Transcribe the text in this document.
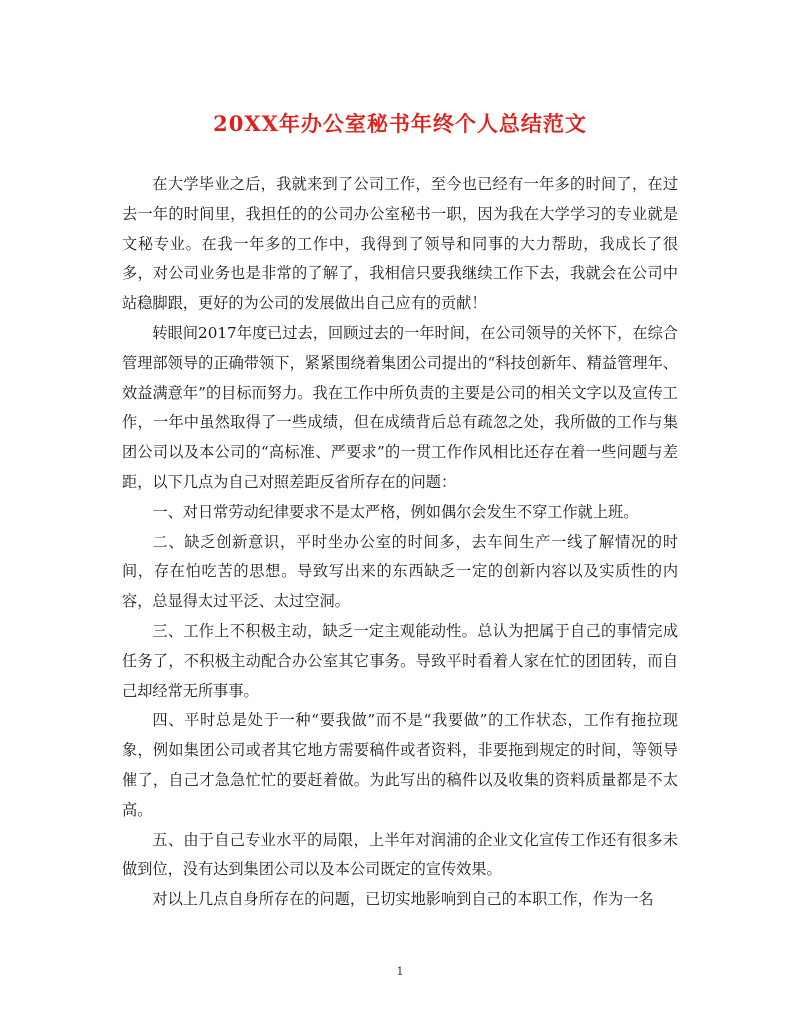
20XX年办公室秘书年终个人总结范文

在大学毕业之后，我就来到了公司工作，至今也已经有一年多的时间了，在过去一年的时间里，我担任的的公司办公室秘书一职，因为我在大学学习的专业就是文秘专业。在我一年多的工作中，我得到了领导和同事的大力帮助，我成长了很多，对公司业务也是非常的了解了，我相信只要我继续工作下去，我就会在公司中站稳脚跟，更好的为公司的发展做出自己应有的贡献！

转眼间2017年度已过去，回顾过去的一年时间，在公司领导的关怀下，在综合管理部领导的正确带领下，紧紧围绕着集团公司提出的“科技创新年、精益管理年、效益满意年”的目标而努力。我在工作中所负责的主要是公司的相关文字以及宣传工作，一年中虽然取得了一些成绩，但在成绩背后总有疏忽之处，我所做的工作与集团公司以及本公司的“高标准、严要求”的一贯工作作风相比还存在着一些问题与差距，以下几点为自己对照差距反省所存在的问题：

一、对日常劳动纪律要求不是太严格，例如偶尔会发生不穿工作就上班。

二、缺乏创新意识，平时坐办公室的时间多，去车间生产一线了解情况的时间，存在怕吃苦的思想。导致写出来的东西缺乏一定的创新内容以及实质性的内容，总显得太过平泛、太过空洞。

三、工作上不积极主动，缺乏一定主观能动性。总认为把属于自己的事情完成任务了，不积极主动配合办公室其它事务。导致平时看着人家在忙的团团转，而自己却经常无所事事。

四、平时总是处于一种“要我做”而不是“我要做”的工作状态，工作有拖拉现象，例如集团公司或者其它地方需要稿件或者资料，非要拖到规定的时间，等领导催了，自己才急急忙忙的要赶着做。为此写出的稿件以及收集的资料质量都是不太高。

五、由于自己专业水平的局限，上半年对润浦的企业文化宣传工作还有很多未做到位，没有达到集团公司以及本公司既定的宣传效果。

对以上几点自身所存在的问题，已切实地影响到自己的本职工作，作为一名

1
